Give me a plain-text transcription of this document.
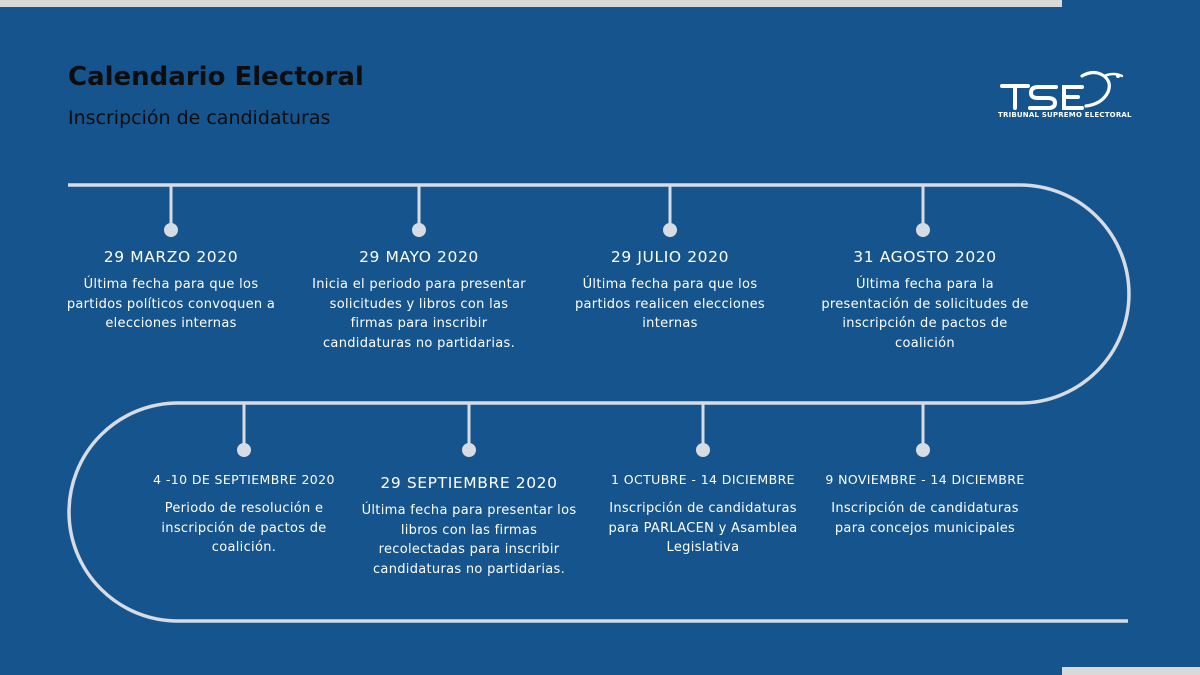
Calendario Electoral

Inscripción de candidaturas	TRIBUNAL SUPREMO ELECTORAL

29 MARZO 2020

Última fecha para que los
partidos políticos convoquen a
elecciones internas

29 MAYO 2020

Inicia el periodo para presentar
solicitudes y libros con las
firmas para inscribir
candidaturas no partidarias.

29 JULIO 2020

Última fecha para que los
partidos realicen elecciones
internas

31 AGOSTO 2020

Última fecha para la
presentación de solicitudes de
inscripción de pactos de
coalición

4 -10 DE SEPTIEMBRE 2020

Periodo de resolución e
inscripción de pactos de
coalición.

29 SEPTIEMBRE 2020

Última fecha para presentar los
libros con las firmas
recolectadas para inscribir
candidaturas no partidarias.

1 OCTUBRE - 14 DICIEMBRE

Inscripción de candidaturas
para PARLACEN y Asamblea
Legislativa

9 NOVIEMBRE - 14 DICIEMBRE

Inscripción de candidaturas
para concejos municipales
